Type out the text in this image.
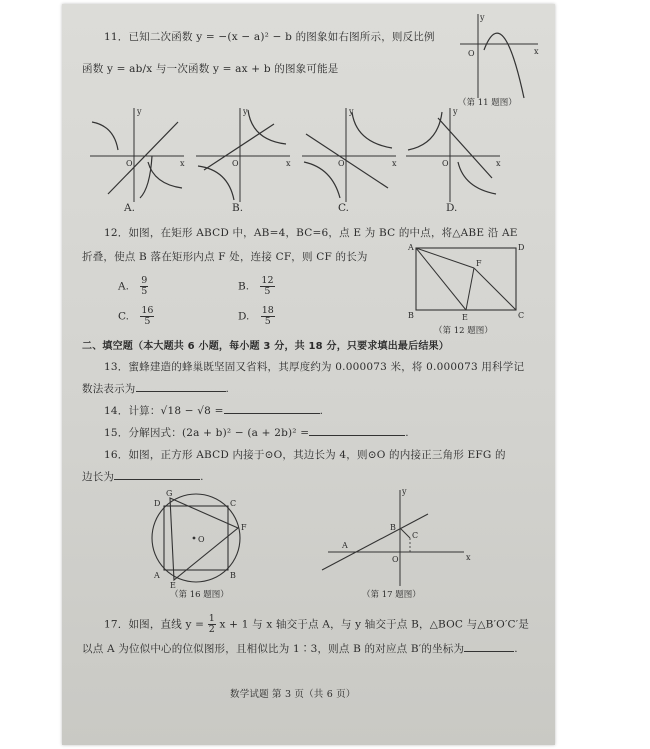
11．已知二次函数 y = −(x − a)² − b 的图象如右图所示，则反比例
函数 y = ab/x 与一次函数 y = ax + b 的图象可能是
O	x
y
（第 11 题图）
O	x
y
A.
O	x
y
B.
O	x
y
C.
O	x
y
D.
12．如图，在矩形 ABCD 中，AB=4，BC=6，点 E 为 BC 的中点，将△ABE 沿 AE
折叠，使点 B 落在矩形内点 F 处，连接 CF，则 CF 的长为
A. $\frac{9}{5}$	B. $\frac{12}{5}$
C. $\frac{16}{5}$	D. $\frac{18}{5}$
A	D
F
B	E	C
（第 12 题图）
二、填空题（本大题共 6 小题，每小题 3 分，共 18 分，只要求填出最后结果）
13．蜜蜂建造的蜂巢既坚固又省料，其厚度约为 0.000073 米，将 0.000073 用科学记
数法表示为	.
14．计算：√18 − √8 =	.
15．分解因式：(2a + b)² − (a + 2b)² =	.
16．如图，正方形 ABCD 内接于⊙O，其边长为 4，则⊙O 的内接正三角形 EFG 的
边长为	.
G
D	C
F
O
A	B
E
（第 16 题图）
y
B
C
A
O	x
（第 17 题图）
17．如图，直线 $y = \frac{1}{2}$ x + 1 与 x 轴交于点 A，与 y 轴交于点 B，△BOC 与△B′O′C′是
以点 A 为位似中心的位似图形，且相似比为 1∶3，则点 B 的对应点 B′的坐标为	.
数学试题 第 3 页（共 6 页）
